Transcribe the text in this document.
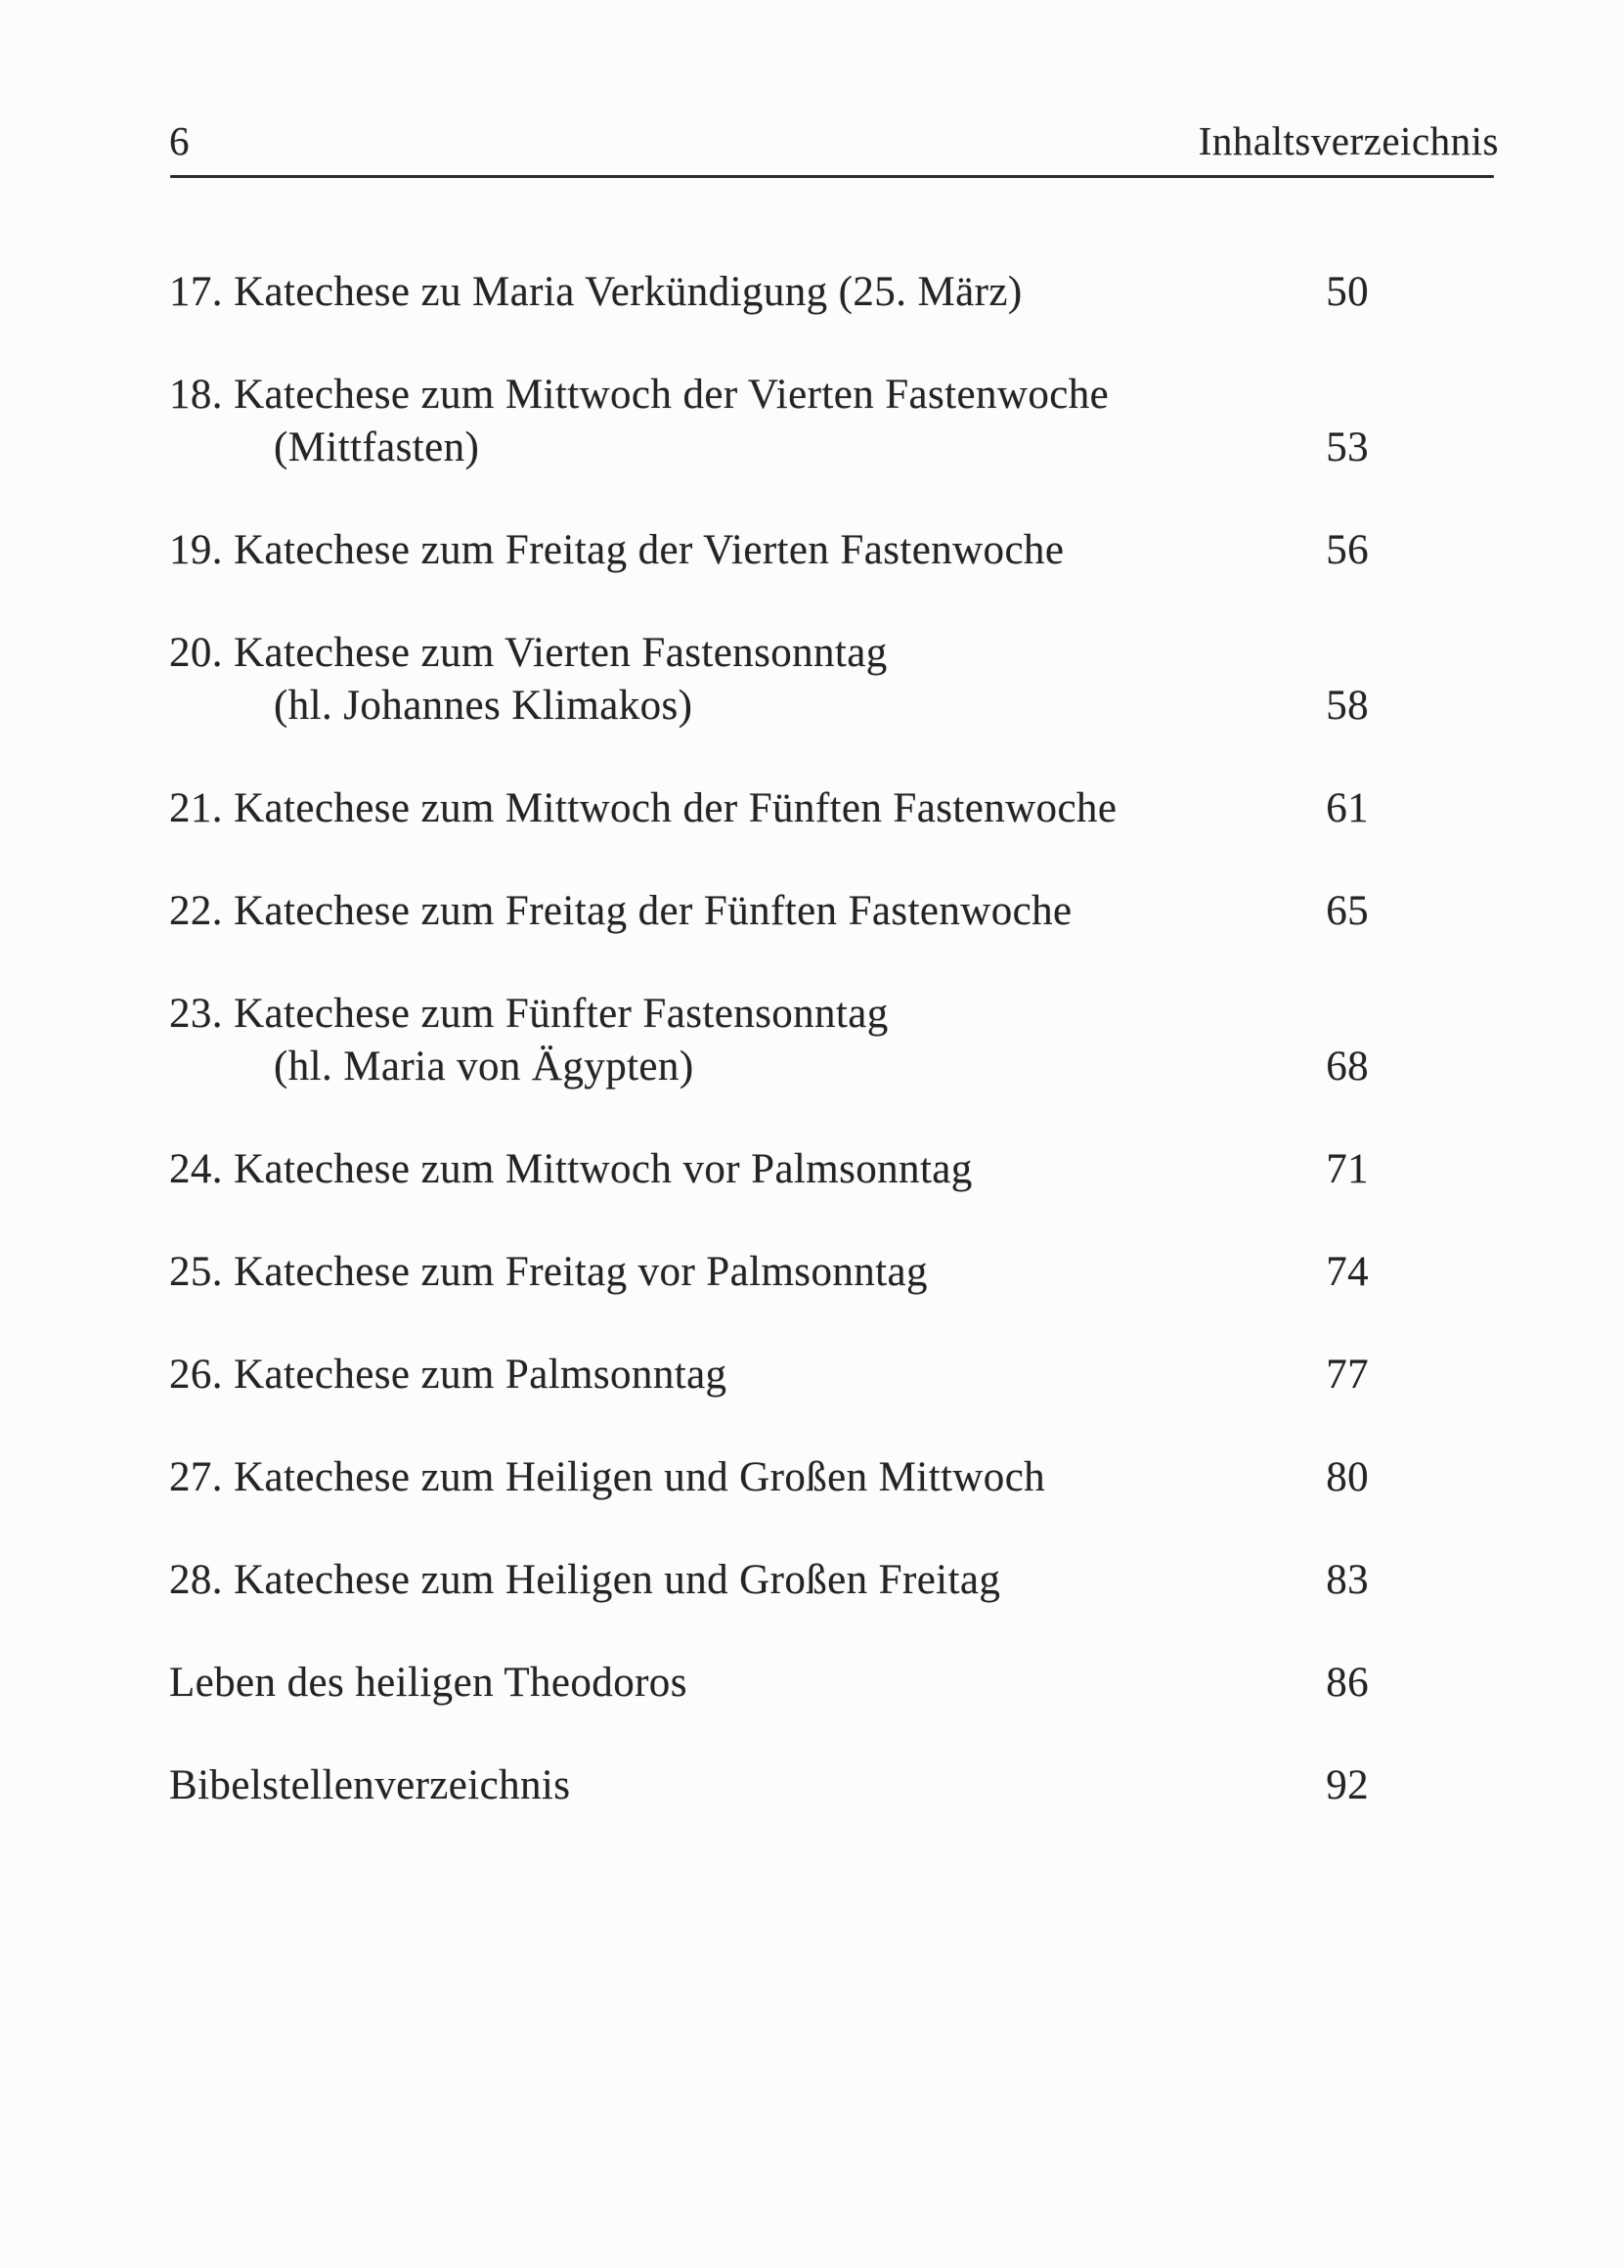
6	Inhaltsverzeichnis
17. Katechese zu Maria Verkündigung (25. März)	50
18. Katechese zum Mittwoch der Vierten Fastenwoche
(Mittfasten)	53
19. Katechese zum Freitag der Vierten Fastenwoche	56
20. Katechese zum Vierten Fastensonntag
(hl. Johannes Klimakos)	58
21. Katechese zum Mittwoch der Fünften Fastenwoche	61
22. Katechese zum Freitag der Fünften Fastenwoche	65
23. Katechese zum Fünfter Fastensonntag
(hl. Maria von Ägypten)	68
24. Katechese zum Mittwoch vor Palmsonntag	71
25. Katechese zum Freitag vor Palmsonntag	74
26. Katechese zum Palmsonntag	77
27. Katechese zum Heiligen und Großen Mittwoch	80
28. Katechese zum Heiligen und Großen Freitag	83
Leben des heiligen Theodoros	86
Bibelstellenverzeichnis	92
